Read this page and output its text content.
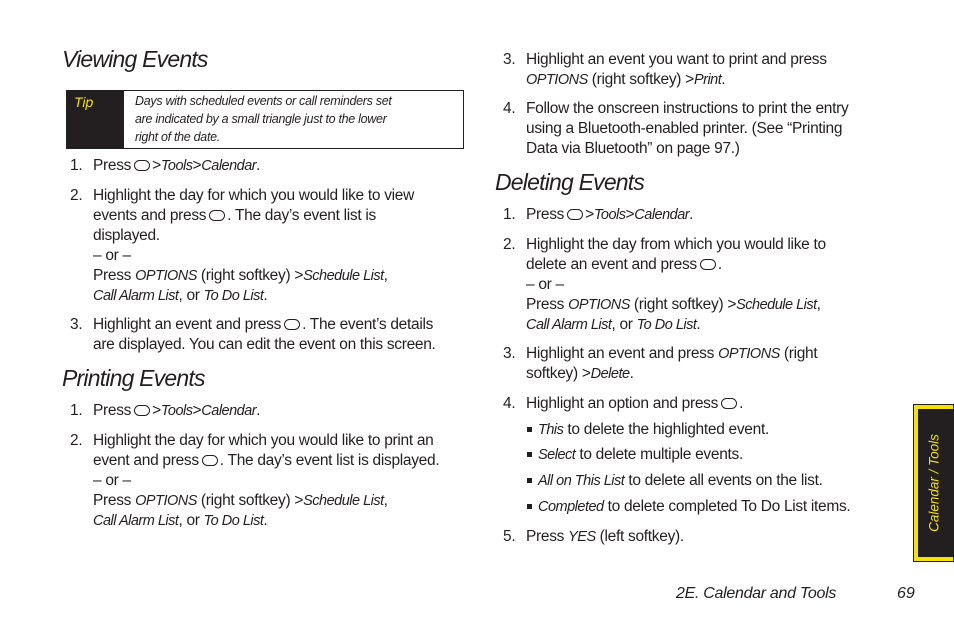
Viewing Events
Tip	Days with scheduled events or call reminders set
are indicated by a small triangle just to the lower
right of the date.
1. Press >Tools>Calendar.
2. Highlight the day for which you would like to view
events and press . The day’s event list is
displayed.
– or –
Press OPTIONS (right softkey) >Schedule List,
Call Alarm List, or To Do List.
3. Highlight an event and press . The event’s details
are displayed. You can edit the event on this screen.
Printing Events
1. Press >Tools>Calendar.
2. Highlight the day for which you would like to print an
event and press . The day’s event list is displayed.
– or –
Press OPTIONS (right softkey) >Schedule List,
Call Alarm List, or To Do List.
3. Highlight an event you want to print and press
OPTIONS (right softkey) >Print.
4. Follow the onscreen instructions to print the entry
using a Bluetooth-enabled printer. (See “Printing
Data via Bluetooth” on page 97.)
Deleting Events
1. Press >Tools>Calendar.
2. Highlight the day from which you would like to
delete an event and press .
– or –
Press OPTIONS (right softkey) >Schedule List,
Call Alarm List, or To Do List.
3. Highlight an event and press OPTIONS (right
softkey) >Delete.
4. Highlight an option and press .
This to delete the highlighted event.
Select to delete multiple events.
All on This List to delete all events on the list.
Completed to delete completed To Do List items.
5. Press YES (left softkey).
Calendar / Tools
2E. Calendar and Tools	69
